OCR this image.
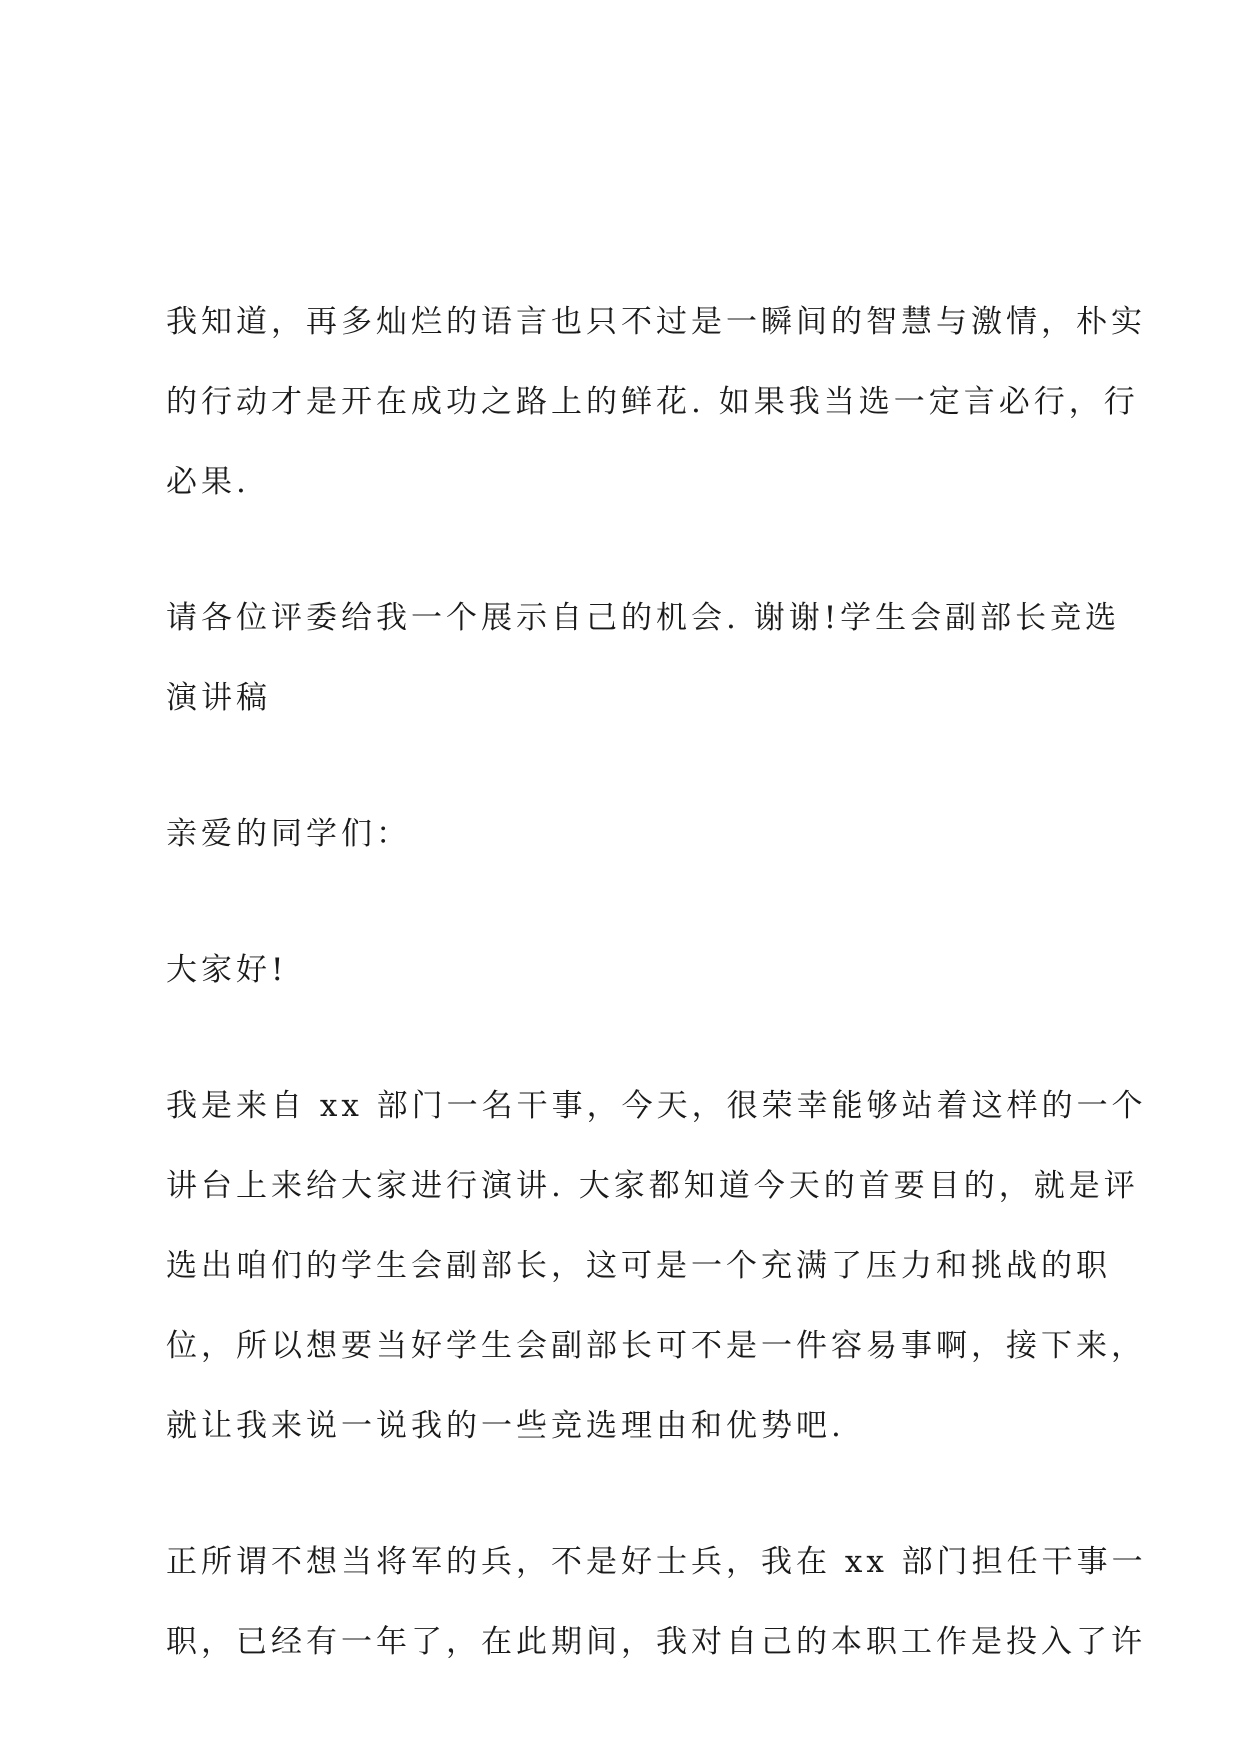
我知道，再多灿烂的语言也只不过是一瞬间的智慧与激情，朴实
的行动才是开在成功之路上的鲜花. 如果我当选一定言必行，行
必果.

请各位评委给我一个展示自己的机会. 谢谢!学生会副部长竞选
演讲稿

亲爱的同学们：

大家好!

我是来自 xx 部门一名干事，今天，很荣幸能够站着这样的一个
讲台上来给大家进行演讲. 大家都知道今天的首要目的，就是评
选出咱们的学生会副部长，这可是一个充满了压力和挑战的职
位，所以想要当好学生会副部长可不是一件容易事啊，接下来，
就让我来说一说我的一些竞选理由和优势吧.

正所谓不想当将军的兵，不是好士兵，我在 xx 部门担任干事一
职，已经有一年了，在此期间，我对自己的本职工作是投入了许
